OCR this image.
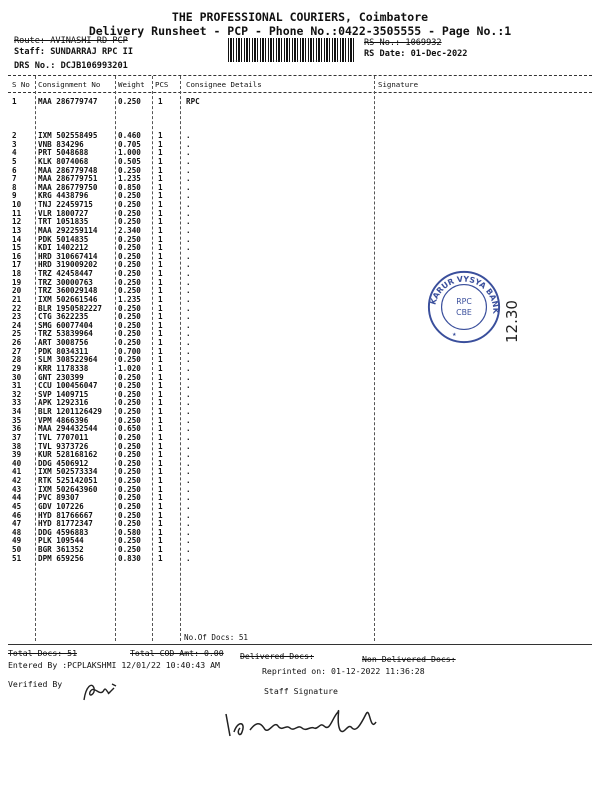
THE PROFESSIONAL COURIERS, Coimbatore
Delivery Runsheet - PCP - Phone No.:0422-3505555 - Page No.:1
Route: AVINASHI RD PCP
Staff: SUNDARRAJ RPC II
DRS No.: DCJB106993201
RS No.: 1069932
RS Date: 01-Dec-2022
S No Consignment No Weight PCS Consignee Details	Signature
1	MAA 286779747	0.250 1	RPC
2	IXM 502558495	0.460 1	.
3	VNB 834296	0.705 1	.
4	PRT 5048688	1.000 1	.
5	KLK 8074068	0.505 1	.
6	MAA 286779748	0.250 1	.
7	MAA 286779751	1.235 1	.
8	MAA 286779750	0.850 1	.
9	KRG 4438796	0.250 1	.
10 TNJ 22459715	0.250 1	.
11 VLR 1800727	0.250 1	.
12 TRT 1051835	0.250 1	.
13 MAA 292259114	2.340 1	.
14 PDK 5014835	0.250 1	.
15 KDI 1402212	0.250 1	.
16 HRD 310667414	0.250 1	.
17 HRD 319009202	0.250 1	.
18 TRZ 42458447	0.250 1	.
19 TRZ 30000763	0.250 1	.
20 TRZ 360029148	0.250 1	.
21 IXM 502661546	1.235 1	.
22 BLR 1950582227 0.250 1	.
23 CTG 3622235	0.250 1	.
24 SMG 60077404	0.250 1	.
25 TRZ 53839964	0.250 1	.
26 ART 3008756	0.250 1	.
27 PDK 8034311	0.700 1	.
28 SLM 308522964	0.250 1	.
29 KRR 1178338	1.020 1	.
30 GNT 230399	0.250 1	.
31 CCU 100456047	0.250 1	.
32 SVP 1409715	0.250 1	.
33 APK 1292316	0.250 1	.
34 BLR 1201126429 0.250 1	.
35 VPM 4866396	0.250 1	.
36 MAA 294432544	0.650 1	.
37 TVL 7707011	0.250 1	.
38 TVL 9373726	0.250 1	.
39 KUR 528168162	0.250 1	.
40 DDG 4506912	0.250 1	.
41 IXM 502573334	0.250 1	.
42 RTK 525142051	0.250 1	.
43 IXM 502643960	0.250 1	.
44 PVC 89307	0.250 1	.
45 GDV 107226	0.250 1	.
46 HYD 81766667	0.250 1	.
47 HYD 81772347	0.250 1	.
48 DDG 4596883	0.580 1	.
49 PLK 109544	0.250 1	.
50 BGR 361352	0.250 1	.
51 DPM 659256	0.830 1	.
No.Of Docs: 51
Total Docs: 51	Total COD Amt: 0.00 Delivered Docs:	Non Delivered Docs:
Entered By :PCPLAKSHMI 12/01/22 10:40:43 AM
Reprinted on: 01-12-2022 11:36:28
Verified By
Staff Signature
KARUR VYSYA BANK
RPC
CBE
★	12.30
